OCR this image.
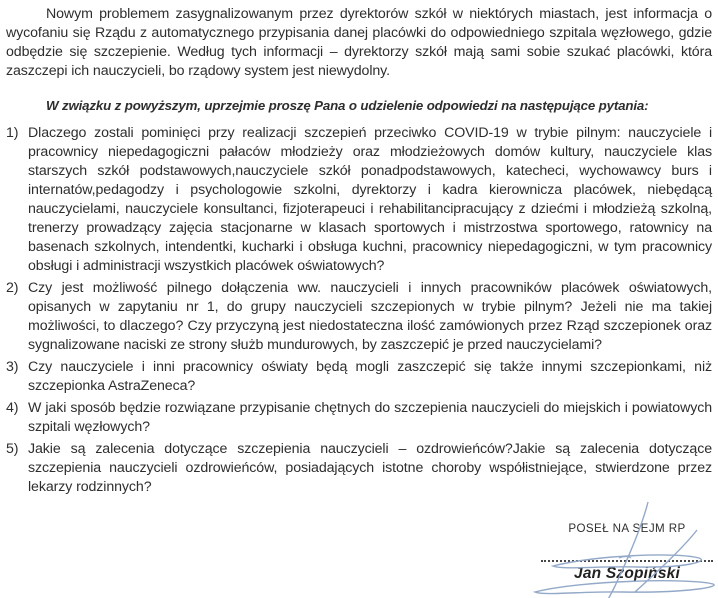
Nowym problemem zasygnalizowanym przez dyrektorów szkół w niektórych miastach, jest informacja o wycofaniu się Rządu z automatycznego przypisania danej placówki do odpowiedniego szpitala węzłowego, gdzie odbędzie się szczepienie. Według tych informacji – dyrektorzy szkół mają sami sobie szukać placówki, która zaszczepi ich nauczycieli, bo rządowy system jest niewydolny.

W związku z powyższym, uprzejmie proszę Pana o udzielenie odpowiedzi na następujące pytania:

1) Dlaczego zostali pominięci przy realizacji szczepień przeciwko COVID-19 w trybie pilnym: nauczyciele i pracownicy niepedagogiczni pałaców młodzieży oraz młodzieżowych domów kultury, nauczyciele klas starszych szkół podstawowych,nauczyciele szkół ponadpodstawowych, katecheci, wychowawcy burs i internatów,pedagodzy i psychologowie szkolni, dyrektorzy i kadra kierownicza placówek, niebędącą nauczycielami, nauczyciele konsultanci, fizjoterapeuci i rehabilitancipracujący z dziećmi i młodzieżą szkolną, trenerzy prowadzący zajęcia stacjonarne w klasach sportowych i mistrzostwa sportowego, ratownicy na basenach szkolnych, intendentki, kucharki i obsługa kuchni, pracownicy niepedagogiczni, w tym pracownicy obsługi i administracji wszystkich placówek oświatowych?
2) Czy jest możliwość pilnego dołączenia ww. nauczycieli i innych pracowników placówek oświatowych, opisanych w zapytaniu nr 1, do grupy nauczycieli szczepionych w trybie pilnym? Jeżeli nie ma takiej możliwości, to dlaczego? Czy przyczyną jest niedostateczna ilość zamówionych przez Rząd szczepionek oraz sygnalizowane naciski ze strony służb mundurowych, by zaszczepić je przed nauczycielami?
3) Czy nauczyciele i inni pracownicy oświaty będą mogli zaszczepić się także innymi szczepionkami, niż szczepionka AstraZeneca?
4) W jaki sposób będzie rozwiązane przypisanie chętnych do szczepienia nauczycieli do miejskich i powiatowych szpitali węzłowych?
5) Jakie są zalecenia dotyczące szczepienia nauczycieli – ozdrowieńców?Jakie są zalecenia dotyczące szczepienia nauczycieli ozdrowieńców, posiadających istotne choroby współistniejące, stwierdzone przez lekarzy rodzinnych?
POSEŁ NA SEJM RP
Jan Szopiński
